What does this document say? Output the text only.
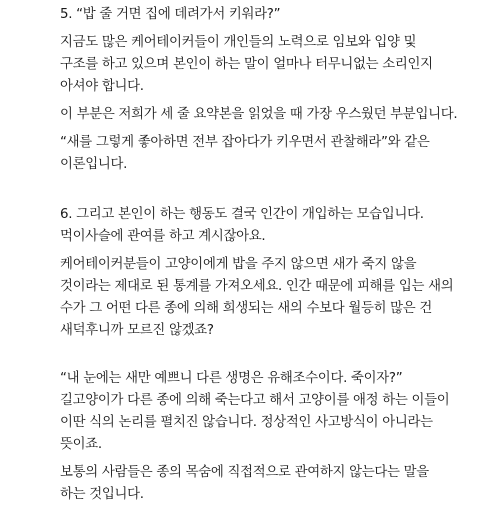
5. “밥 줄 거면 집에 데려가서 키워라?”

지금도 많은 케어테이커들이 개인들의 노력으로 임보와 입양 및 구조를 하고 있으며 본인이 하는 말이 얼마나 터무니없는 소리인지 아셔야 합니다.

이 부분은 저희가 세 줄 요약본을 읽었을 때 가장 우스웠던 부분입니다.

“새를 그렇게 좋아하면 전부 잡아다가 키우면서 관찰해라”와 같은 이론입니다.

6. 그리고 본인이 하는 행동도 결국 인간이 개입하는 모습입니다. 먹이사슬에 관여를 하고 계시잖아요.

케어테이커분들이 고양이에게 밥을 주지 않으면 새가 죽지 않을 것이라는 제대로 된 통계를 가져오세요. 인간 때문에 피해를 입는 새의 수가 그 어떤 다른 종에 의해 희생되는 새의 수보다 월등히 많은 건 새덕후니까 모르진 않겠죠?

“내 눈에는 새만 예쁘니 다른 생명은 유해조수이다. 죽이자?” 길고양이가 다른 종에 의해 죽는다고 해서 고양이를 애정 하는 이들이 이딴 식의 논리를 펼치진 않습니다. 정상적인 사고방식이 아니라는 뜻이죠.

보통의 사람들은 종의 목숨에 직접적으로 관여하지 않는다는 말을 하는 것입니다.
